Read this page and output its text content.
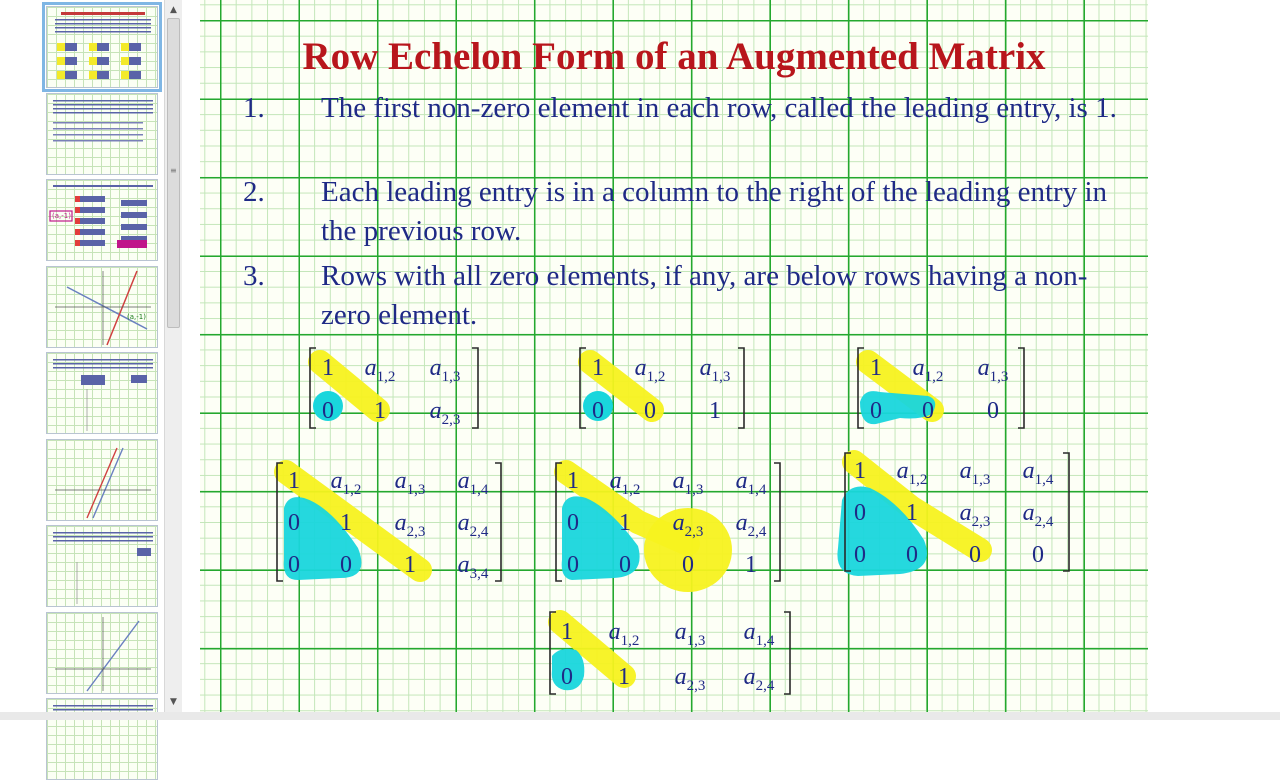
(a,-1)
(a,-1)
▲
≡
▼
Row Echelon Form of an Augmented Matrix
1. The first non-zero element in each row, called the leading entry, is 1.
2. Each leading entry is in a column to the right of the leading entry in the previous row.
3. Rows with all zero elements, if any, are below rows having a non-zero element.
1 $a_{1,2}$ $a_{1,3}$
0 1 $a_{2,3}$
1 $a_{1,2}$ $a_{1,3}$
0 0 1
1 $a_{1,2}$ $a_{1,3}$
0 0 0
1 $a_{1,2}$ $a_{1,3}$ $a_{1,4}$
0 1 $a_{2,3}$ $a_{2,4}$
0 0 1 $a_{3,4}$
1 $a_{1,2}$ $a_{1,3}$ $a_{1,4}$
0 1 $a_{2,3}$ $a_{2,4}$
0 0 0 1
1 $a_{1,2}$ $a_{1,3}$ $a_{1,4}$
0 1 $a_{2,3}$ $a_{2,4}$
0 0 0 0
1 $a_{1,2}$ $a_{1,3}$ $a_{1,4}$
0 1 $a_{2,3}$ $a_{2,4}$
